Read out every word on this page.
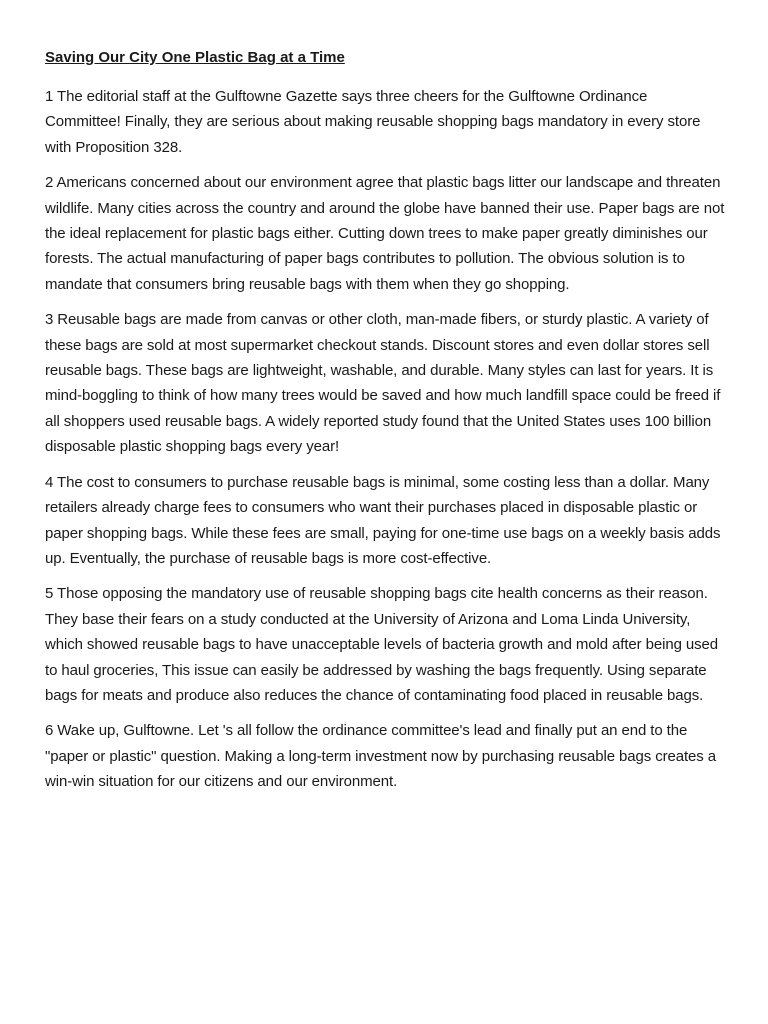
Saving Our City One Plastic Bag at a Time

1 The editorial staff at the Gulftowne Gazette says three cheers for the Gulftowne Ordinance Committee! Finally, they are serious about making reusable shopping bags mandatory in every store with Proposition 328.

2 Americans concerned about our environment agree that plastic bags litter our landscape and threaten wildlife. Many cities across the country and around the globe have banned their use. Paper bags are not the ideal replacement for plastic bags either. Cutting down trees to make paper greatly diminishes our forests. The actual manufacturing of paper bags contributes to pollution. The obvious solution is to mandate that consumers bring reusable bags with them when they go shopping.

3 Reusable bags are made from canvas or other cloth, man-made fibers, or sturdy plastic. A variety of these bags are sold at most supermarket checkout stands. Discount stores and even dollar stores sell reusable bags. These bags are lightweight, washable, and durable. Many styles can last for years. It is mind-boggling to think of how many trees would be saved and how much landfill space could be freed if all shoppers used reusable bags. A widely reported study found that the United States uses 100 billion disposable plastic shopping bags every year!

4 The cost to consumers to purchase reusable bags is minimal, some costing less than a dollar. Many retailers already charge fees to consumers who want their purchases placed in disposable plastic or paper shopping bags. While these fees are small, paying for one-time use bags on a weekly basis adds up. Eventually, the purchase of reusable bags is more cost-effective.

5 Those opposing the mandatory use of reusable shopping bags cite health concerns as their reason. They base their fears on a study conducted at the University of Arizona and Loma Linda University, which showed reusable bags to have unacceptable levels of bacteria growth and mold after being used to haul groceries, This issue can easily be addressed by washing the bags frequently. Using separate bags for meats and produce also reduces the chance of contaminating food placed in reusable bags.

6 Wake up, Gulftowne. Let 's all follow the ordinance committee's lead and finally put an end to the "paper or plastic" question. Making a long-term investment now by purchasing reusable bags creates a win-win situation for our citizens and our environment.
